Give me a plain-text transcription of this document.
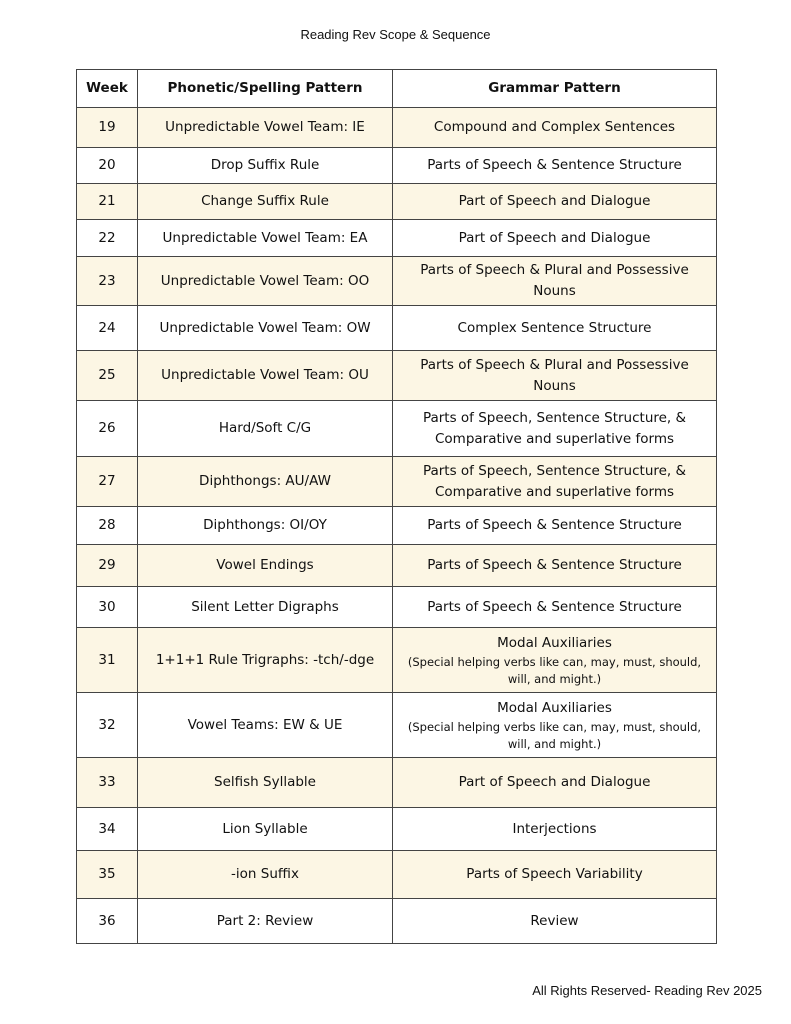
Reading Rev Scope & Sequence
Week	Phonetic/Spelling Pattern	Grammar Pattern
19	Unpredictable Vowel Team: IE	Compound and Complex Sentences
20	Drop Suffix Rule	Parts of Speech & Sentence Structure
21	Change Suffix Rule	Part of Speech and Dialogue
22	Unpredictable Vowel Team: EA	Part of Speech and Dialogue
23	Unpredictable Vowel Team: OO	Parts of Speech & Plural and Possessive Nouns
24	Unpredictable Vowel Team: OW	Complex Sentence Structure
25	Unpredictable Vowel Team: OU	Parts of Speech & Plural and Possessive Nouns
26	Hard/Soft C/G	Parts of Speech, Sentence Structure, & Comparative and superlative forms
27	Diphthongs: AU/AW	Parts of Speech, Sentence Structure, & Comparative and superlative forms
28	Diphthongs: OI/OY	Parts of Speech & Sentence Structure
29	Vowel Endings	Parts of Speech & Sentence Structure
30	Silent Letter Digraphs	Parts of Speech & Sentence Structure
31	1+1+1 Rule Trigraphs: -tch/-dge	Modal Auxiliaries
(Special helping verbs like can, may, must, should, will, and might.)

32	Vowel Teams: EW & UE	Modal Auxiliaries
(Special helping verbs like can, may, must, should, will, and might.)

33	Selfish Syllable	Part of Speech and Dialogue
34	Lion Syllable	Interjections
35	-ion Suffix	Parts of Speech Variability
36	Part 2: Review	Review
All Rights Reserved- Reading Rev 2025
